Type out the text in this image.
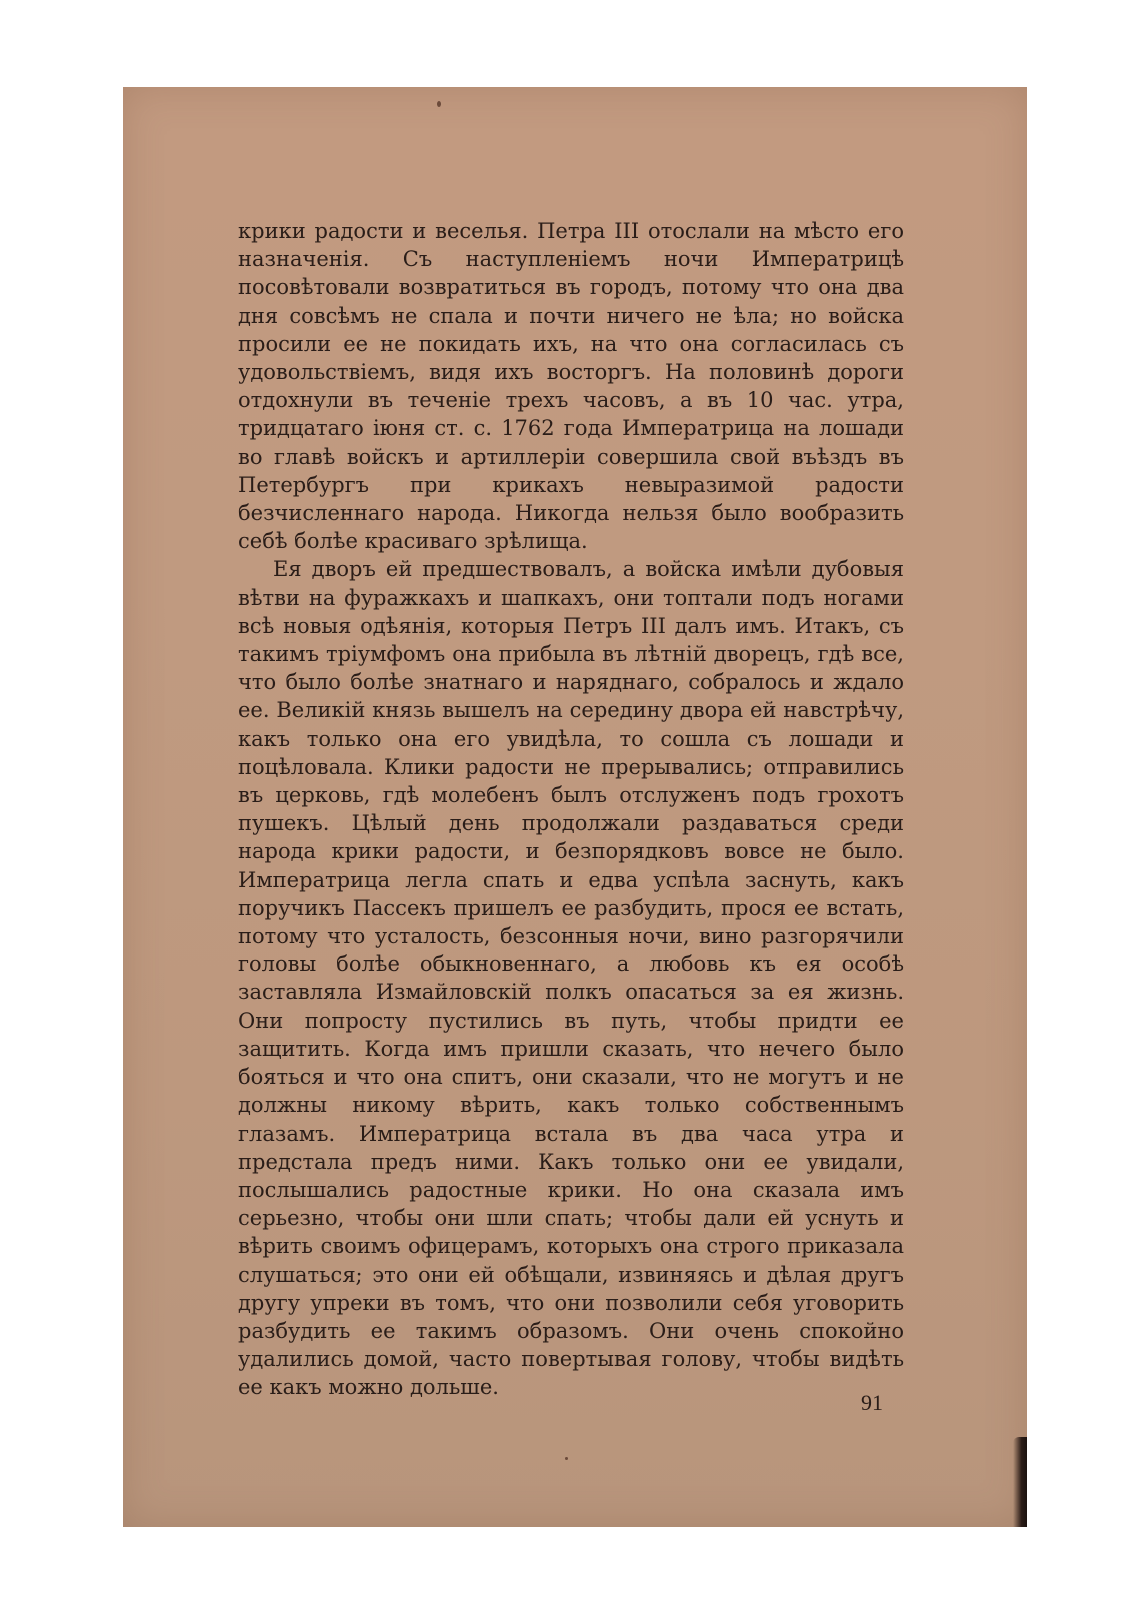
крики радости и веселья. Петра III отослали на мѣсто его назначенія. Съ наступленіемъ ночи Императрицѣ посовѣтовали возвратиться въ городъ, потому что она два дня совсѣмъ не спала и почти ничего не ѣла; но войска просили ее не покидать ихъ, на что она согласилась съ удовольствіемъ, видя ихъ восторгъ. На половинѣ дороги отдохнули въ теченіе трехъ часовъ, а въ 10 час. утра, тридцатаго іюня ст. с. 1762 года Императрица на лошади во главѣ войскъ и артиллеріи совершила свой въѣздъ въ Петербургъ при крикахъ невыразимой радости безчисленнаго народа. Никогда нельзя было вообразить себѣ болѣе красиваго зрѣлища.

Ея дворъ ей предшествовалъ, а войска имѣли дубовыя вѣтви на фуражкахъ и шапкахъ, они топтали подъ ногами всѣ новыя одѣянія, которыя Петръ III далъ имъ. Итакъ, съ такимъ тріумфомъ она прибыла въ лѣтній дворецъ, гдѣ все, что было болѣе знатнаго и наряднаго, собралось и ждало ее. Великій князь вышелъ на середину двора ей навстрѣчу, какъ только она его увидѣла, то сошла съ лошади и поцѣловала. Клики радости не прерывались; отправились въ церковь, гдѣ молебенъ былъ отслуженъ подъ грохотъ пушекъ. Цѣлый день продолжали раздаваться среди народа крики радости, и безпорядковъ вовсе не было. Императрица легла спать и едва успѣла заснуть, какъ поручикъ Пассекъ пришелъ ее разбудить, прося ее встать, потому что усталость, безсонныя ночи, вино разгорячили головы болѣе обыкновеннаго, а любовь къ ея особѣ заставляла Измайловскій полкъ опасаться за ея жизнь. Они попросту пустились въ путь, чтобы придти ее защитить. Когда имъ пришли сказать, что нечего было бояться и что она спитъ, они сказали, что не могутъ и не должны никому вѣрить, какъ только собственнымъ глазамъ. Императрица встала въ два часа утра и предстала предъ ними. Какъ только они ее увидали, послышались радостные крики. Но она сказала имъ серьезно, чтобы они шли спать; чтобы дали ей уснуть и вѣрить своимъ офицерамъ, которыхъ она строго приказала слушаться; это они ей обѣщали, извиняясь и дѣлая другъ другу упреки въ томъ, что они позволили себя уговорить разбудить ее такимъ образомъ. Они очень спокойно удалились домой, часто повертывая голову, чтобы видѣть ее какъ можно дольше.

91
